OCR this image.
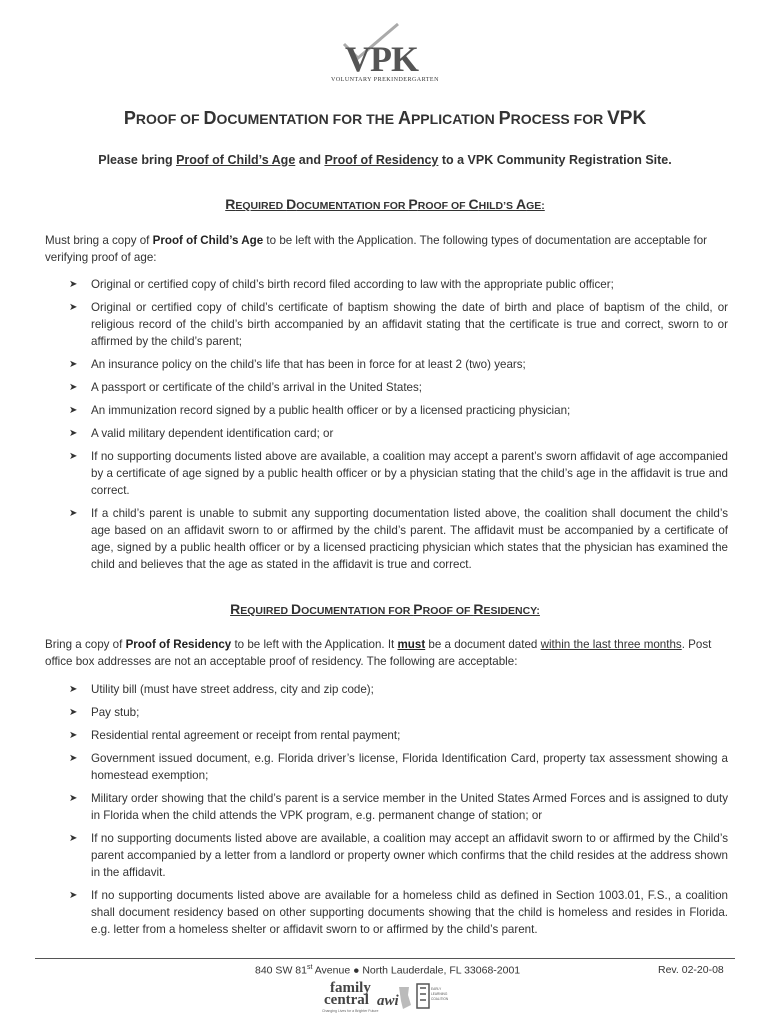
VPK
VOLUNTARY PREKINDERGARTEN
PROOF OF DOCUMENTATION FOR THE APPLICATION PROCESS FOR VPK
Please bring Proof of Child’s Age and Proof of Residency to a VPK Community Registration Site.
REQUIRED DOCUMENTATION FOR PROOF OF CHILD’S AGE:
Must bring a copy of Proof of Child’s Age to be left with the Application. The following types of documentation are acceptable for verifying proof of age:
➤ Original or certified copy of child’s birth record filed according to law with the appropriate public officer;
➤ Original or certified copy of child’s certificate of baptism showing the date of birth and place of baptism of the child, or religious record of the child’s birth accompanied by an affidavit stating that the certificate is true and correct, sworn to or affirmed by the child’s parent;
➤ An insurance policy on the child’s life that has been in force for at least 2 (two) years;
➤ A passport or certificate of the child’s arrival in the United States;
➤ An immunization record signed by a public health officer or by a licensed practicing physician;
➤ A valid military dependent identification card; or
➤ If no supporting documents listed above are available, a coalition may accept a parent’s sworn affidavit of age accompanied by a certificate of age signed by a public health officer or by a physician stating that the child’s age in the affidavit is true and correct.
➤ If a child’s parent is unable to submit any supporting documentation listed above, the coalition shall document the child’s age based on an affidavit sworn to or affirmed by the child’s parent. The affidavit must be accompanied by a certificate of age, signed by a public health officer or by a licensed practicing physician which states that the physician has examined the child and believes that the age as stated in the affidavit is true and correct.
REQUIRED DOCUMENTATION FOR PROOF OF RESIDENCY:
Bring a copy of Proof of Residency to be left with the Application. It must be a document dated within the last three months. Post office box addresses are not an acceptable proof of residency. The following are acceptable:
➤ Utility bill (must have street address, city and zip code);
➤ Pay stub;
➤ Residential rental agreement or receipt from rental payment;
➤ Government issued document, e.g. Florida driver’s license, Florida Identification Card, property tax assessment showing a homestead exemption;
➤ Military order showing that the child’s parent is a service member in the United States Armed Forces and is assigned to duty in Florida when the child attends the VPK program, e.g. permanent change of station; or
➤ If no supporting documents listed above are available, a coalition may accept an affidavit sworn to or affirmed by the Child’s parent accompanied by a letter from a landlord or property owner which confirms that the child resides at the address shown in the affidavit.
➤ If no supporting documents listed above are available for a homeless child as defined in Section 1003.01, F.S., a coalition shall document residency based on other supporting documents showing that the child is homeless and resides in Florida. e.g. letter from a homeless shelter or affidavit sworn to or affirmed by the child’s parent.
840 SW 81st Avenue ● North Lauderdale, FL 33068-2001	Rev. 02-20-08
family
central
Changing Lives for a Brighter Future
awi
EARLY
LEARNING
COALITION
